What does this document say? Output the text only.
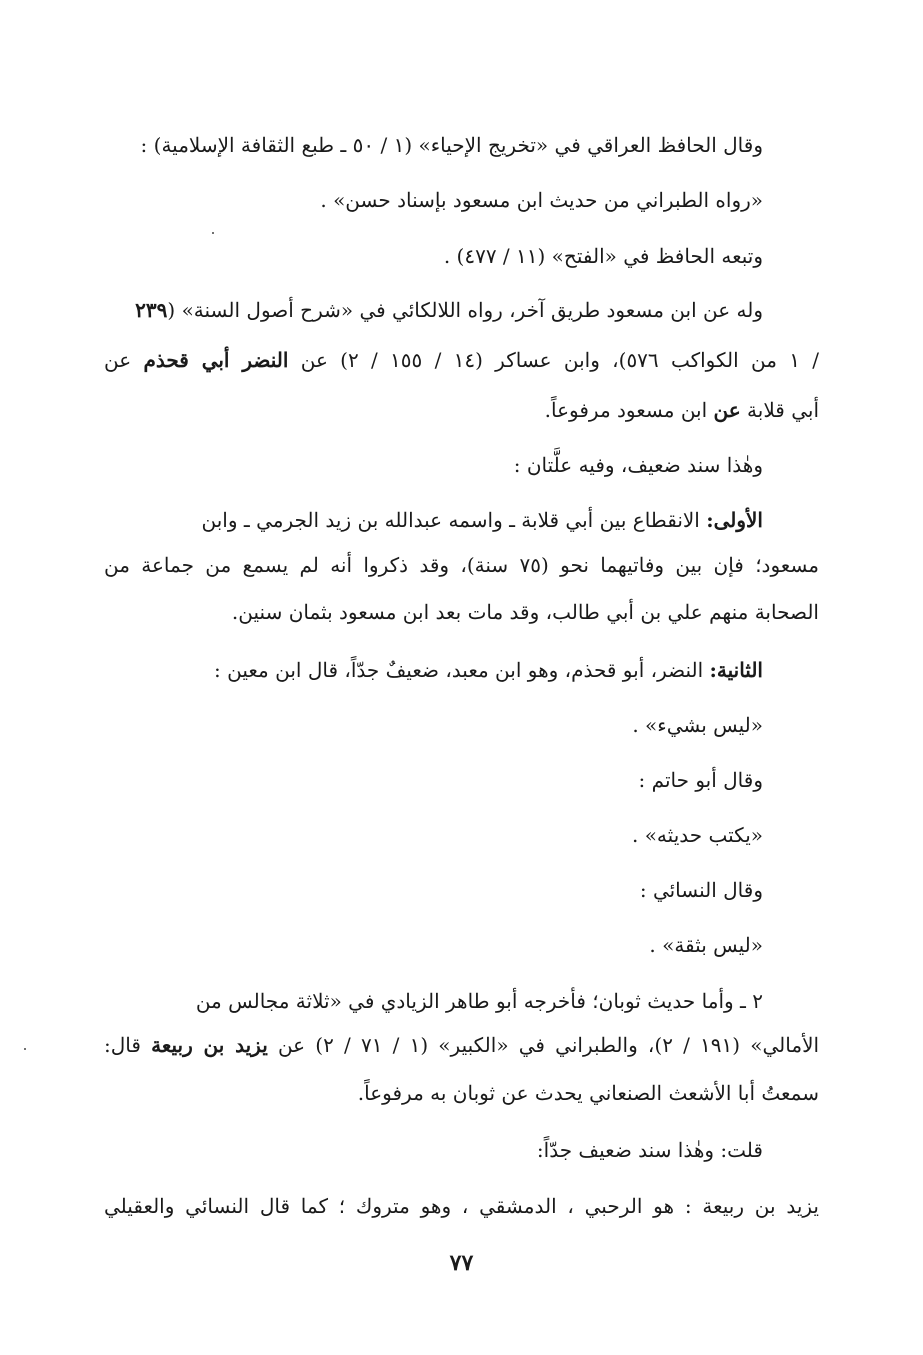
وقال الحافظ العراقي في «تخريج الإحياء» (١ / ٥٠ ـ طبع الثقافة الإسلامية) :
«رواه الطبراني من حديث ابن مسعود بإسناد حسن» .
وتبعه الحافظ في «الفتح» (١١ / ٤٧٧) .
وله عن ابن مسعود طريق آخر، رواه اللالكائي في «شرح أصول السنة» (٢٣٩
/ ١ من الكواكب ٥٧٦)، وابن عساكر (١٤ / ١٥٥ / ٢) عن النضر أبي قحذم عن
أبي قلابة عن ابن مسعود مرفوعاً.
وهٰذا سند ضعيف، وفيه علَّتان :
الأولى: الانقطاع بين أبي قلابة ـ واسمه عبدالله بن زيد الجرمي ـ وابن
مسعود؛ فإن بين وفاتيهما نحو (٧٥ سنة)، وقد ذكروا أنه لم يسمع من جماعة من
الصحابة منهم علي بن أبي طالب، وقد مات بعد ابن مسعود بثمان سنين.
الثانية: النضر، أبو قحذم، وهو ابن معبد، ضعيفٌ جدّاً، قال ابن معين :
«ليس بشيء» .
وقال أبو حاتم :
«يكتب حديثه» .
وقال النسائي :
«ليس بثقة» .
٢ ـ وأما حديث ثوبان؛ فأخرجه أبو طاهر الزيادي في «ثلاثة مجالس من
الأمالي» (١٩١ / ٢)، والطبراني في «الكبير» (١ / ٧١ / ٢) عن يزيد بن ربيعة قال:
سمعتُ أبا الأشعث الصنعاني يحدث عن ثوبان به مرفوعاً.
قلت: وهٰذا سند ضعيف جدّاً:
يزيد بن ربيعة : هو الرحبي ، الدمشقي ، وهو متروك ؛ كما قال النسائي والعقيلي
٧٧
